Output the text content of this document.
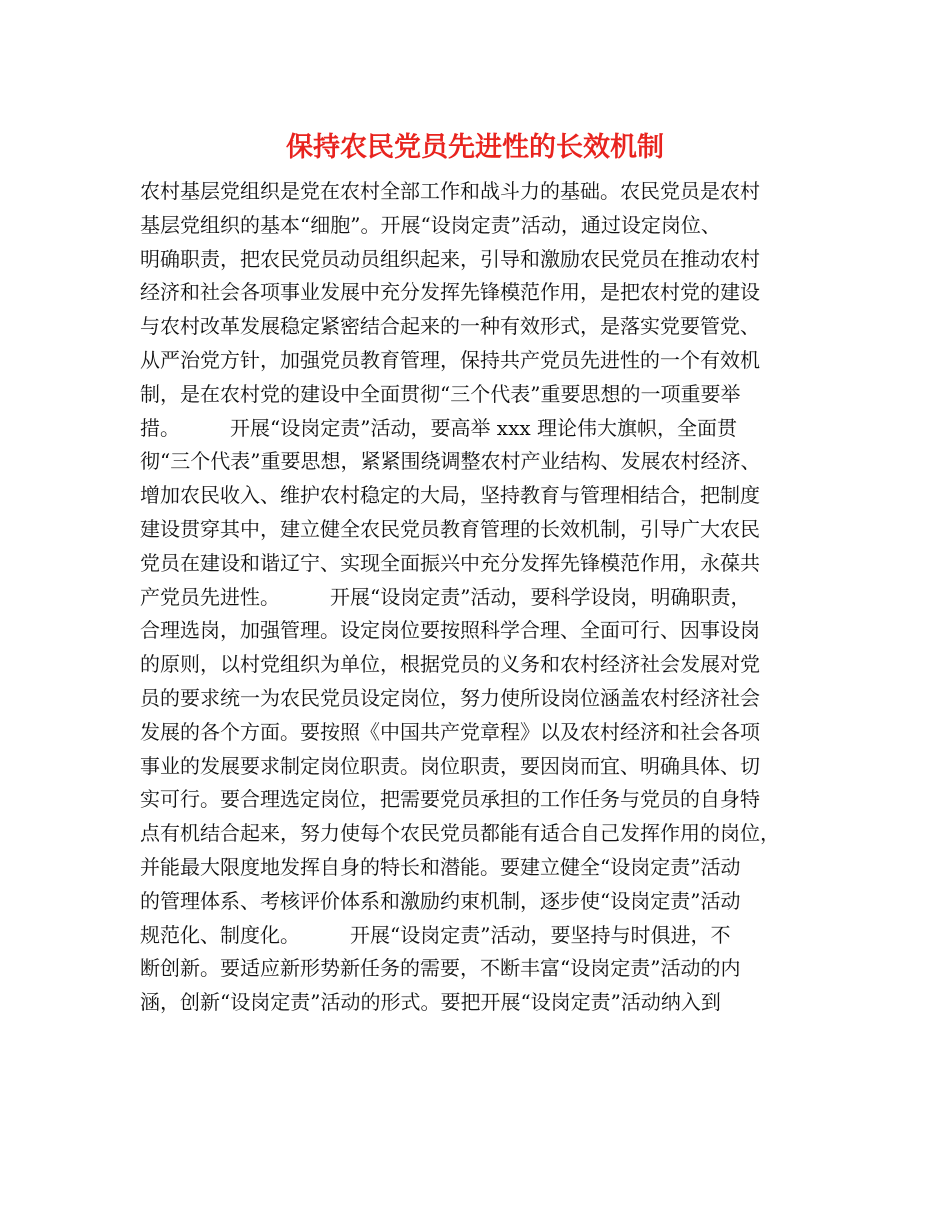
保持农民党员先进性的长效机制
农村基层党组织是党在农村全部工作和战斗力的基础。农民党员是农村
基层党组织的基本“细胞”。开展“设岗定责”活动，通过设定岗位、
明确职责，把农民党员动员组织起来，引导和激励农民党员在推动农村
经济和社会各项事业发展中充分发挥先锋模范作用，是把农村党的建设
与农村改革发展稳定紧密结合起来的一种有效形式，是落实党要管党、
从严治党方针，加强党员教育管理，保持共产党员先进性的一个有效机
制，是在农村党的建设中全面贯彻“三个代表”重要思想的一项重要举
措。　　　开展“设岗定责”活动，要高举 xxx 理论伟大旗帜，全面贯
彻“三个代表”重要思想，紧紧围绕调整农村产业结构、发展农村经济、
增加农民收入、维护农村稳定的大局，坚持教育与管理相结合，把制度
建设贯穿其中，建立健全农民党员教育管理的长效机制，引导广大农民
党员在建设和谐辽宁、实现全面振兴中充分发挥先锋模范作用，永葆共
产党员先进性。　　　开展“设岗定责”活动，要科学设岗，明确职责，
合理选岗，加强管理。设定岗位要按照科学合理、全面可行、因事设岗
的原则，以村党组织为单位，根据党员的义务和农村经济社会发展对党
员的要求统一为农民党员设定岗位，努力使所设岗位涵盖农村经济社会
发展的各个方面。要按照《中国共产党章程》以及农村经济和社会各项
事业的发展要求制定岗位职责。岗位职责，要因岗而宜、明确具体、切
实可行。要合理选定岗位，把需要党员承担的工作任务与党员的自身特
点有机结合起来，努力使每个农民党员都能有适合自己发挥作用的岗位，
并能最大限度地发挥自身的特长和潜能。要建立健全“设岗定责”活动
的管理体系、考核评价体系和激励约束机制，逐步使“设岗定责”活动
规范化、制度化。　　　开展“设岗定责”活动，要坚持与时俱进，不
断创新。要适应新形势新任务的需要，不断丰富“设岗定责”活动的内
涵，创新“设岗定责”活动的形式。要把开展“设岗定责”活动纳入到
